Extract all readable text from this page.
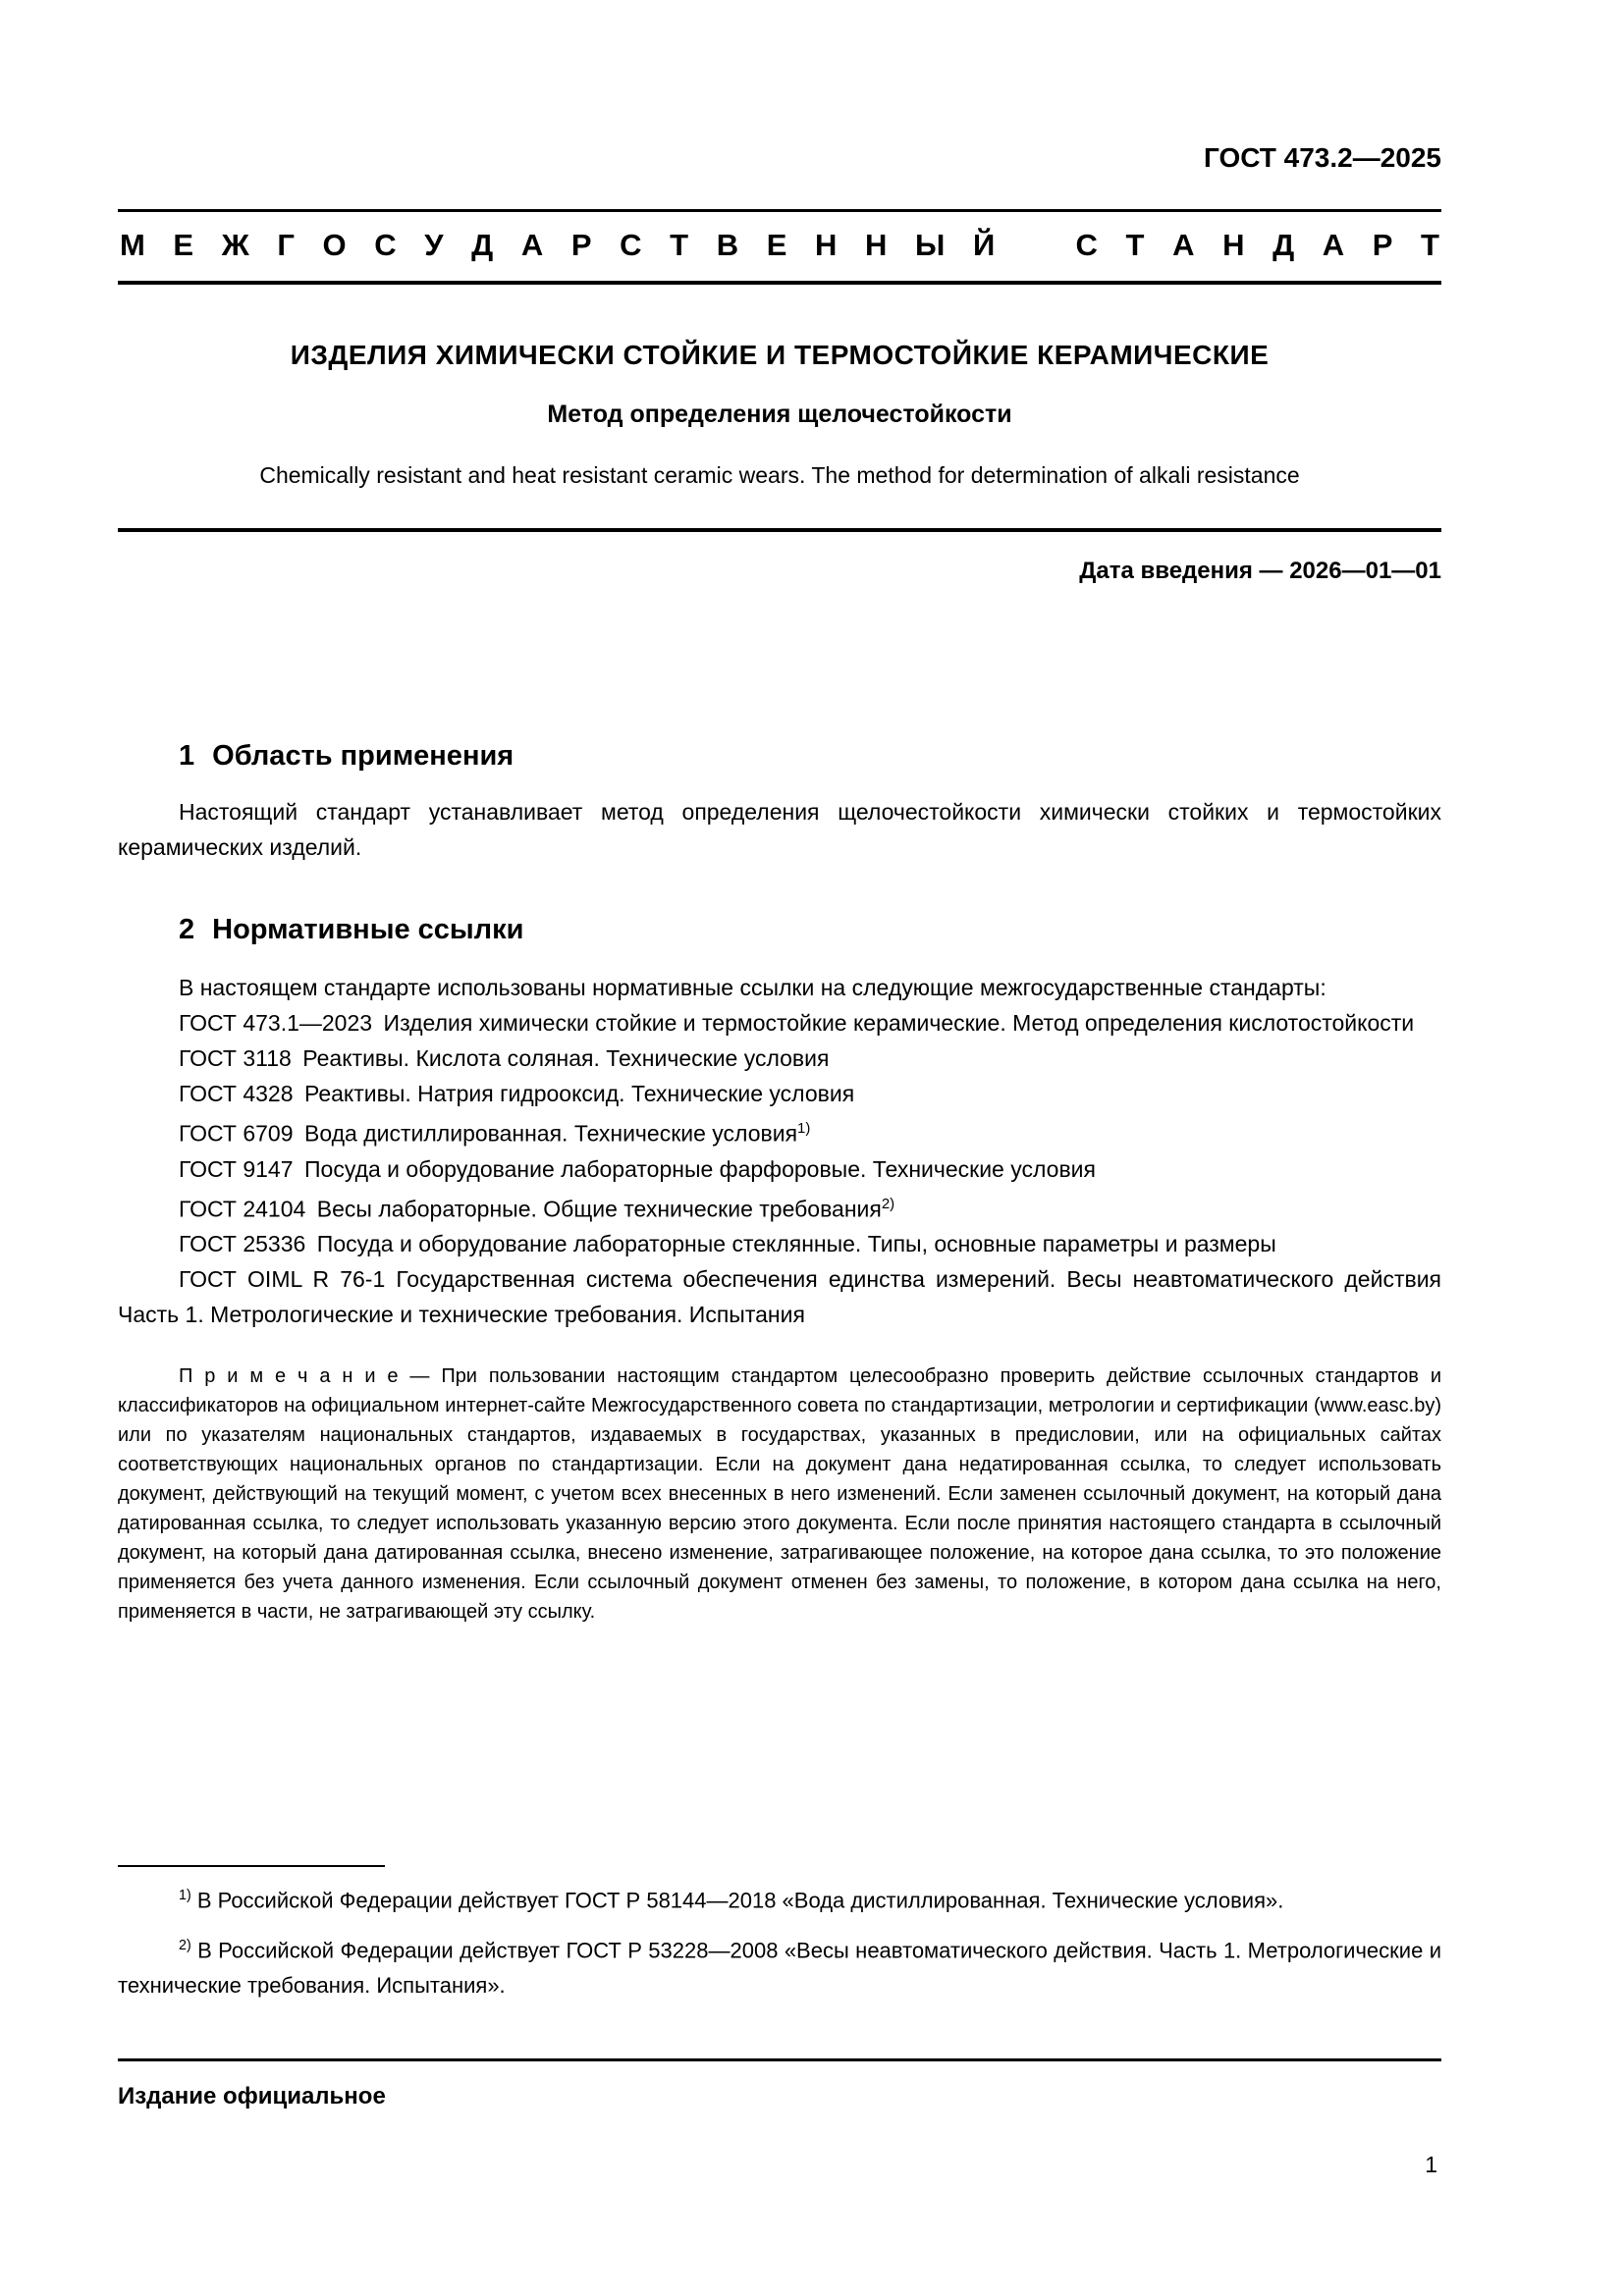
ГОСТ 473.2—2025
М Е Ж Г О С У Д А Р С Т В Е Н Н Ы Й	С Т А Н Д А Р Т
ИЗДЕЛИЯ ХИМИЧЕСКИ СТОЙКИЕ И ТЕРМОСТОЙКИЕ КЕРАМИЧЕСКИЕ
Метод определения щелочестойкости
Chemically resistant and heat resistant ceramic wears. The method for determination of alkali resistance
Дата введения — 2026—01—01
1 Область применения

Настоящий стандарт устанавливает метод определения щелочестойкости химически стойких и термостойких керамических изделий.

2 Нормативные ссылки

В настоящем стандарте использованы нормативные ссылки на следующие межгосударственные стандарты:

ГОСТ 473.1—2023 Изделия химически стойкие и термостойкие керамические. Метод определения кислотостойкости

ГОСТ 3118 Реактивы. Кислота соляная. Технические условия

ГОСТ 4328 Реактивы. Натрия гидрооксид. Технические условия

ГОСТ 6709 Вода дистиллированная. Технические условия$^{1)}$

ГОСТ 9147 Посуда и оборудование лабораторные фарфоровые. Технические условия

ГОСТ 24104 Весы лабораторные. Общие технические требования$^{2)}$

ГОСТ 25336 Посуда и оборудование лабораторные стеклянные. Типы, основные параметры и размеры

ГОСТ OIML R 76-1 Государственная система обеспечения единства измерений. Весы неавтоматического действия Часть 1. Метрологические и технические требования. Испытания

П р и м е ч а н и е — При пользовании настоящим стандартом целесообразно проверить действие ссылочных стандартов и классификаторов на официальном интернет-сайте Межгосударственного совета по стандартизации, метрологии и сертификации (www.easc.by) или по указателям национальных стандартов, издаваемых в государствах, указанных в предисловии, или на официальных сайтах соответствующих национальных органов по стандартизации. Если на документ дана недатированная ссылка, то следует использовать документ, действующий на текущий момент, с учетом всех внесенных в него изменений. Если заменен ссылочный документ, на который дана датированная ссылка, то следует использовать указанную версию этого документа. Если после принятия настоящего стандарта в ссылочный документ, на который дана датированная ссылка, внесено изменение, затрагивающее положение, на которое дана ссылка, то это положение применяется без учета данного изменения. Если ссылочный документ отменен без замены, то положение, в котором дана ссылка на него, применяется в части, не затрагивающей эту ссылку.

$^{1)}$ В Российской Федерации действует ГОСТ Р 58144—2018 «Вода дистиллированная. Технические условия».

$^{2)}$ В Российской Федерации действует ГОСТ Р 53228—2008 «Весы неавтоматического действия. Часть 1. Метрологические и технические требования. Испытания».

Издание официальное
1
